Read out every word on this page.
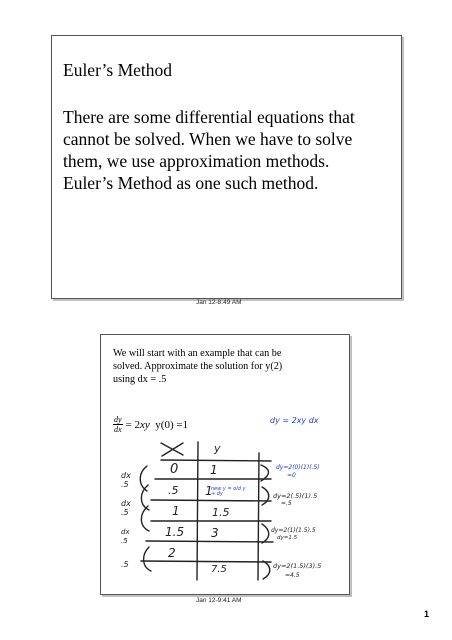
Euler’s Method
There are some differential equations that
cannot be solved. When we have to solve
them, we use approximation methods.
Euler’s Method as one such method.
Jan 12-8:49 AM
We will start with an example that can be
solved. Approximate the solution for y(2)
using dx = .5
$\frac{dy}{dx} = 2xy$ y(0) =1	dy = 2xy dx
y
0
.5
1
1.5
2
1
1
1.5
3
7.5
new y = old y + dy
dx
.5
dx
.5
dx
.5
.5
dy=2(0)(1)(.5)
=0
dy=2(.5)(1).5
=.5
dy=2(1)(1.5).5
dy=1.5
dy=2(1.5)(3).5
=4.5
Jan 12-9:41 AM
1
